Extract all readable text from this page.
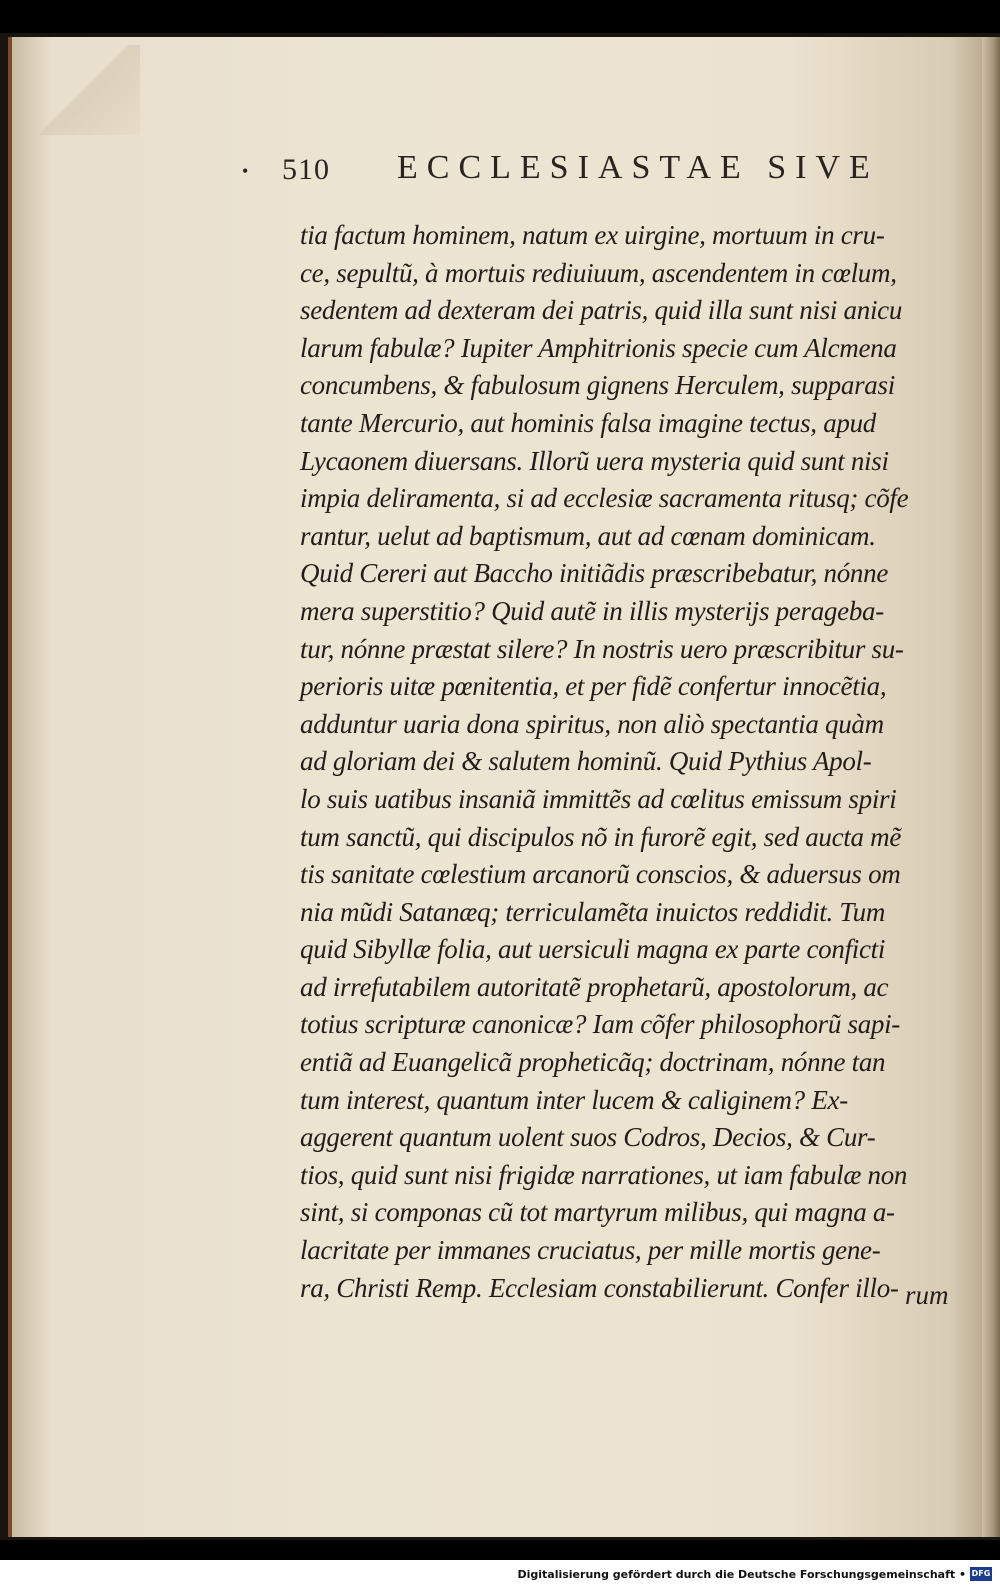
• 510 ECCLESIASTAE SIVE
tia factum hominem, natum ex uirgine, mortuum in cru-
ce, sepultũ, à mortuis rediuiuum, ascendentem in cœlum,
sedentem ad dexteram dei patris, quid illa sunt nisi anicu
larum fabulæ? Iupiter Amphitrionis specie cum Alcmena
concumbens, & fabulosum gignens Herculem, supparasi
tante Mercurio, aut hominis falsa imagine tectus, apud
Lycaonem diuersans. Illorũ uera mysteria quid sunt nisi
impia deliramenta, si ad ecclesiæ sacramenta ritusq; cõfe
rantur, uelut ad baptismum, aut ad cœnam dominicam.
Quid Cereri aut Baccho initiãdis præscribebatur, nónne
mera superstitio? Quid autẽ in illis mysterijs peragebа-
tur, nónne præstat silere? In nostris uero præscribitur su-
perioris uitæ pœnitentia, et per fidẽ confertur innocẽtia,
adduntur uaria dona spiritus, non aliò spectantia quàm
ad gloriam dei & salutem hominũ. Quid Pythius Apol-
lo suis uatibus insaniã immittẽs ad cœlitus emissum spiri
tum sanctũ, qui discipulos nõ in furorẽ egit, sed aucta mẽ
tis sanitate cœlestium arcanorũ conscios, & aduersus om
nia mũdi Satanæq; terriculamẽta inuictos reddidit. Tum
quid Sibyllæ folia, aut uersiculi magna ex parte conficti
ad irrefutabilem autoritatẽ prophetarũ, apostolorum, ac
totius scripturæ canonicæ? Iam cõfer philosophorũ sapi-
entiã ad Euangelicã propheticãq; doctrinam, nónne tan
tum interest, quantum inter lucem & caliginem? Ex-
aggerent quantum uolent suos Codros, Decios, & Cur-
tios, quid sunt nisi frigidæ narrationes, ut iam fabulæ non
sint, si componas cũ tot martyrum milibus, qui magna a-
lacritate per immanes cruciatus, per mille mortis gene-
ra, Christi Remp. Ecclesiam constabilierunt. Confer illo- rum
Digitalisierung gefördert durch die Deutsche Forschungsgemeinschaft • DFG
